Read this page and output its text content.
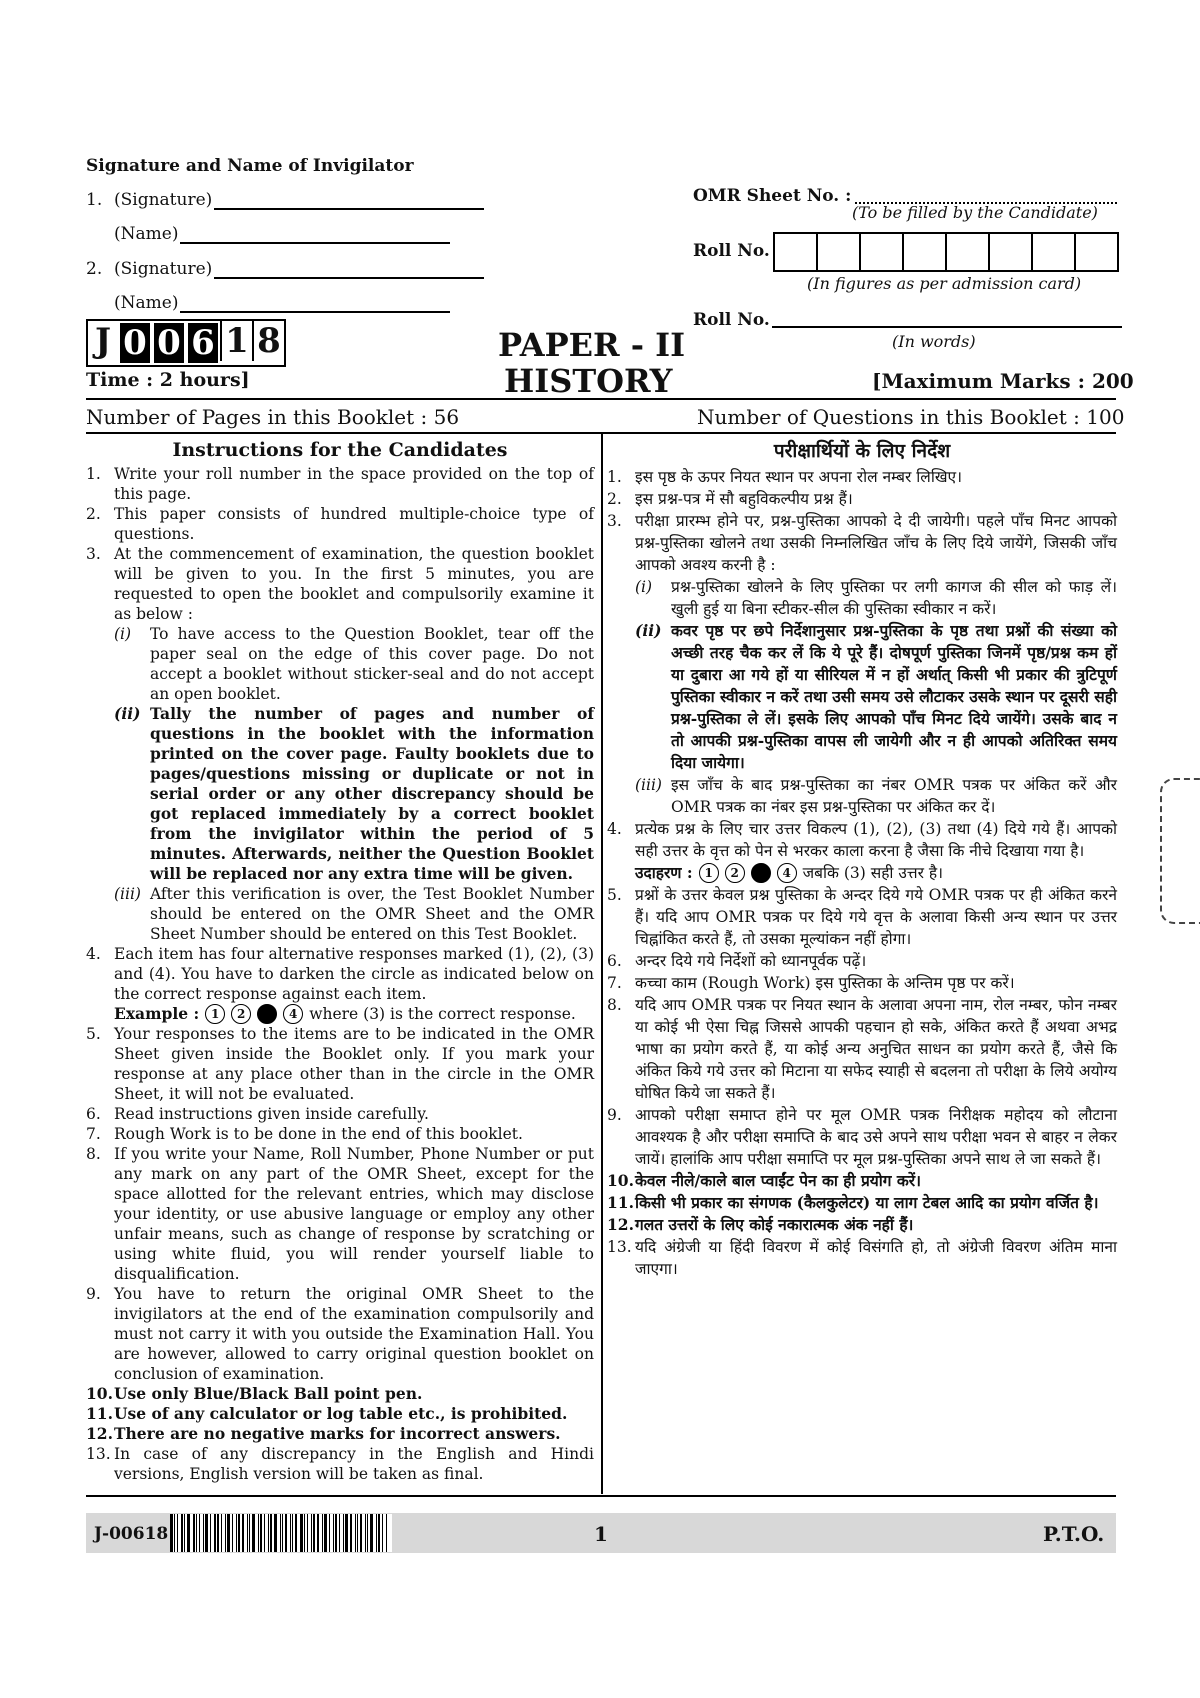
Signature and Name of Invigilator
1. (Signature)
(Name)
2. (Signature)
(Name)
J 0 0 6 1 8
Time : 2 hours]
PAPER - II
HISTORY
OMR Sheet No. :
(To be filled by the Candidate)
Roll No.
(In figures as per admission card)
Roll No.
(In words)
[Maximum Marks : 200
Number of Pages in this Booklet : 56	Number of Questions in this Booklet : 100
Instructions for the Candidates
1. Write your roll number in the space provided on the top of this page.
2. This paper consists of hundred multiple-choice type of questions.
3. At the commencement of examination, the question booklet will be given to you. In the first 5 minutes, you are requested to open the booklet and compulsorily examine it as below :
(i)	To have access to the Question Booklet, tear off the paper seal on the edge of this cover page. Do not accept a booklet without sticker-seal and do not accept an open booklet.
(ii) Tally the number of pages and number of questions in the booklet with the information printed on the cover page. Faulty booklets due to pages/questions missing or duplicate or not in serial order or any other discrepancy should be got replaced immediately by a correct booklet from the invigilator within the period of 5 minutes. Afterwards, neither the Question Booklet will be replaced nor any extra time will be given.
(iii) After this verification is over, the Test Booklet Number should be entered on the OMR Sheet and the OMR Sheet Number should be entered on this Test Booklet.
4. Each item has four alternative responses marked (1), (2), (3) and (4). You have to darken the circle as indicated below on the correct response against each item.
Example : 1	2	4 where (3) is the correct response.
5. Your responses to the items are to be indicated in the OMR Sheet given inside the Booklet only. If you mark your response at any place other than in the circle in the OMR Sheet, it will not be evaluated.
6. Read instructions given inside carefully.
7. Rough Work is to be done in the end of this booklet.
8. If you write your Name, Roll Number, Phone Number or put any mark on any part of the OMR Sheet, except for the space allotted for the relevant entries, which may disclose your identity, or use abusive language or employ any other unfair means, such as change of response by scratching or using white fluid, you will render yourself liable to disqualification.
9. You have to return the original OMR Sheet to the invigilators at the end of the examination compulsorily and must not carry it with you outside the Examination Hall. You are however, allowed to carry original question booklet on conclusion of examination.
10. Use only Blue/Black Ball point pen.
11. Use of any calculator or log table etc., is prohibited.
12. There are no negative marks for incorrect answers.
13. In case of any discrepancy in the English and Hindi versions, English version will be taken as final.
परीक्षार्थियों के लिए निर्देश
1. इस पृष्ठ के ऊपर नियत स्थान पर अपना रोल नम्बर लिखिए।
2. इस प्रश्न-पत्र में सौ बहुविकल्पीय प्रश्न हैं।
3. परीक्षा प्रारम्भ होने पर, प्रश्न-पुस्तिका आपको दे दी जायेगी। पहले पाँच मिनट आपको प्रश्न-पुस्तिका खोलने तथा उसकी निम्नलिखित जाँच के लिए दिये जायेंगे, जिसकी जाँच आपको अवश्य करनी है :
(i)	प्रश्न-पुस्तिका खोलने के लिए पुस्तिका पर लगी कागज की सील को फाड़ लें। खुली हुई या बिना स्टीकर-सील की पुस्तिका स्वीकार न करें।
(ii) कवर पृष्ठ पर छपे निर्देशानुसार प्रश्न-पुस्तिका के पृष्ठ तथा प्रश्नों की संख्या को अच्छी तरह चैक कर लें कि ये पूरे हैं। दोषपूर्ण पुस्तिका जिनमें पृष्ठ/प्रश्न कम हों या दुबारा आ गये हों या सीरियल में न हों अर्थात् किसी भी प्रकार की त्रुटिपूर्ण पुस्तिका स्वीकार न करें तथा उसी समय उसे लौटाकर उसके स्थान पर दूसरी सही प्रश्न-पुस्तिका ले लें। इसके लिए आपको पाँच मिनट दिये जायेंगे। उसके बाद न तो आपकी प्रश्न-पुस्तिका वापस ली जायेगी और न ही आपको अतिरिक्त समय दिया जायेगा।
(iii) इस जाँच के बाद प्रश्न-पुस्तिका का नंबर OMR पत्रक पर अंकित करें और OMR पत्रक का नंबर इस प्रश्न-पुस्तिका पर अंकित कर दें।
4. प्रत्येक प्रश्न के लिए चार उत्तर विकल्प (1), (2), (3) तथा (4) दिये गये हैं। आपको सही उत्तर के वृत्त को पेन से भरकर काला करना है जैसा कि नीचे दिखाया गया है।
उदाहरण : 1	2	4 जबकि (3) सही उत्तर है।
5. प्रश्नों के उत्तर केवल प्रश्न पुस्तिका के अन्दर दिये गये OMR पत्रक पर ही अंकित करने हैं। यदि आप OMR पत्रक पर दिये गये वृत्त के अलावा किसी अन्य स्थान पर उत्तर चिह्नांकित करते हैं, तो उसका मूल्यांकन नहीं होगा।
6. अन्दर दिये गये निर्देशों को ध्यानपूर्वक पढ़ें।
7. कच्चा काम (Rough Work) इस पुस्तिका के अन्तिम पृष्ठ पर करें।
8. यदि आप OMR पत्रक पर नियत स्थान के अलावा अपना नाम, रोल नम्बर, फोन नम्बर या कोई भी ऐसा चिह्न जिससे आपकी पहचान हो सके, अंकित करते हैं अथवा अभद्र भाषा का प्रयोग करते हैं, या कोई अन्य अनुचित साधन का प्रयोग करते हैं, जैसे कि अंकित किये गये उत्तर को मिटाना या सफेद स्याही से बदलना तो परीक्षा के लिये अयोग्य घोषित किये जा सकते हैं।
9. आपको परीक्षा समाप्त होने पर मूल OMR पत्रक निरीक्षक महोदय को लौटाना आवश्यक है और परीक्षा समाप्ति के बाद उसे अपने साथ परीक्षा भवन से बाहर न लेकर जायें। हालांकि आप परीक्षा समाप्ति पर मूल प्रश्न-पुस्तिका अपने साथ ले जा सकते हैं।
10. केवल नीले/काले बाल प्वाईंट पेन का ही प्रयोग करें।
11. किसी भी प्रकार का संगणक (कैलकुलेटर) या लाग टेबल आदि का प्रयोग वर्जित है।
12. गलत उत्तरों के लिए कोई नकारात्मक अंक नहीं हैं।
13. यदि अंग्रेजी या हिंदी विवरण में कोई विसंगति हो, तो अंग्रेजी विवरण अंतिम माना जाएगा।
J-00618	1	P.T.O.
